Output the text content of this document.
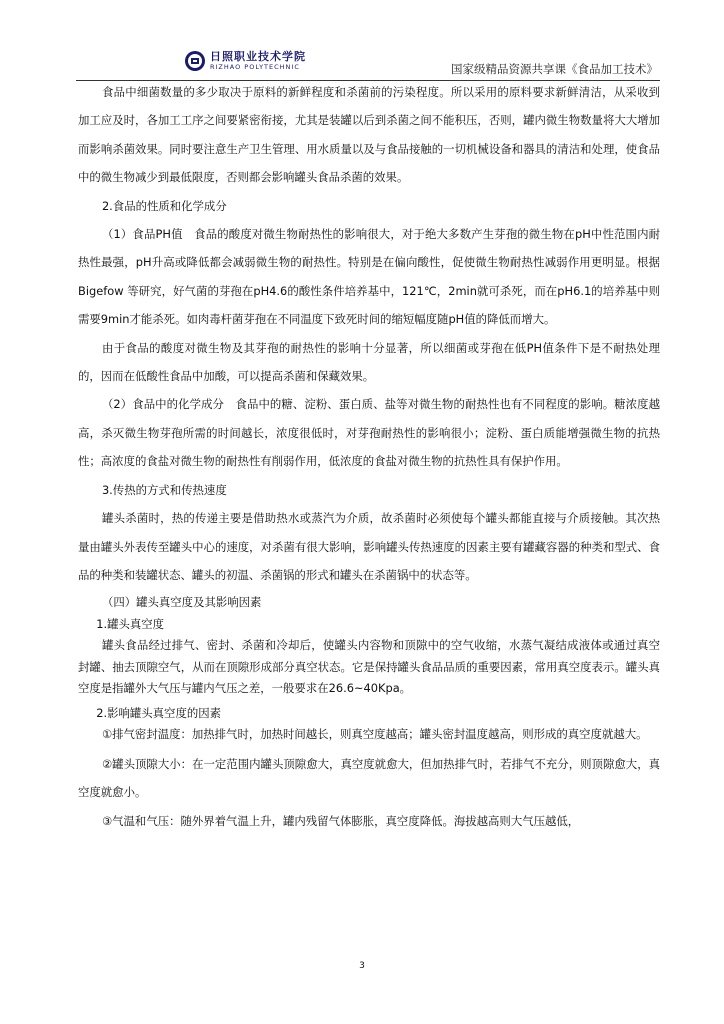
日照职业技术学院
RIZHAO POLYTECHNIC	国家级精品资源共享课《食品加工技术》

食品中细菌数量的多少取决于原料的新鲜程度和杀菌前的污染程度。所以采用的原料要求新鲜清洁，从采收到加工应及时，各加工工序之间要紧密衔接，尤其是装罐以后到杀菌之间不能积压，否则，罐内微生物数量将大大增加而影响杀菌效果。同时要注意生产卫生管理、用水质量以及与食品接触的一切机械设备和器具的清洁和处理，使食品中的微生物减少到最低限度，否则都会影响罐头食品杀菌的效果。

2.食品的性质和化学成分

（1）食品PH值　食品的酸度对微生物耐热性的影响很大，对于绝大多数产生芽孢的微生物在pH中性范围内耐热性最强，pH升高或降低都会减弱微生物的耐热性。特别是在偏向酸性，促使微生物耐热性减弱作用更明显。根据Bigefow 等研究，好气菌的芽孢在pH4.6的酸性条件培养基中，121℃，2min就可杀死，而在pH6.1的培养基中则需要9min才能杀死。如肉毒杆菌芽孢在不同温度下致死时间的缩短幅度随pH值的降低而增大。

由于食品的酸度对微生物及其芽孢的耐热性的影响十分显著，所以细菌或芽孢在低PH值条件下是不耐热处理的，因而在低酸性食品中加酸，可以提高杀菌和保藏效果。

（2）食品中的化学成分　食品中的糖、淀粉、蛋白质、盐等对微生物的耐热性也有不同程度的影响。糖浓度越高，杀灭微生物芽孢所需的时间越长，浓度很低时，对芽孢耐热性的影响很小；淀粉、蛋白质能增强微生物的抗热性；高浓度的食盐对微生物的耐热性有削弱作用，低浓度的食盐对微生物的抗热性具有保护作用。

3.传热的方式和传热速度

罐头杀菌时，热的传递主要是借助热水或蒸汽为介质，故杀菌时必须使每个罐头都能直接与介质接触。其次热量由罐头外表传至罐头中心的速度，对杀菌有很大影响，影响罐头传热速度的因素主要有罐藏容器的种类和型式、食品的种类和装罐状态、罐头的初温、杀菌锅的形式和罐头在杀菌锅中的状态等。

（四）罐头真空度及其影响因素

1.罐头真空度

罐头食品经过排气、密封、杀菌和冷却后，使罐头内容物和顶隙中的空气收缩，水蒸气凝结成液体或通过真空封罐、抽去顶隙空气，从而在顶隙形成部分真空状态。它是保持罐头食品品质的重要因素，常用真空度表示。罐头真空度是指罐外大气压与罐内气压之差，一般要求在26.6~40Kpa。

2.影响罐头真空度的因素

①排气密封温度：加热排气时，加热时间越长，则真空度越高；罐头密封温度越高，则形成的真空度就越大。

②罐头顶隙大小：在一定范围内罐头顶隙愈大，真空度就愈大，但加热排气时，若排气不充分，则顶隙愈大，真空度就愈小。

③气温和气压：随外界着气温上升，罐内残留气体膨胀，真空度降低。海拔越高则大气压越低，

3
